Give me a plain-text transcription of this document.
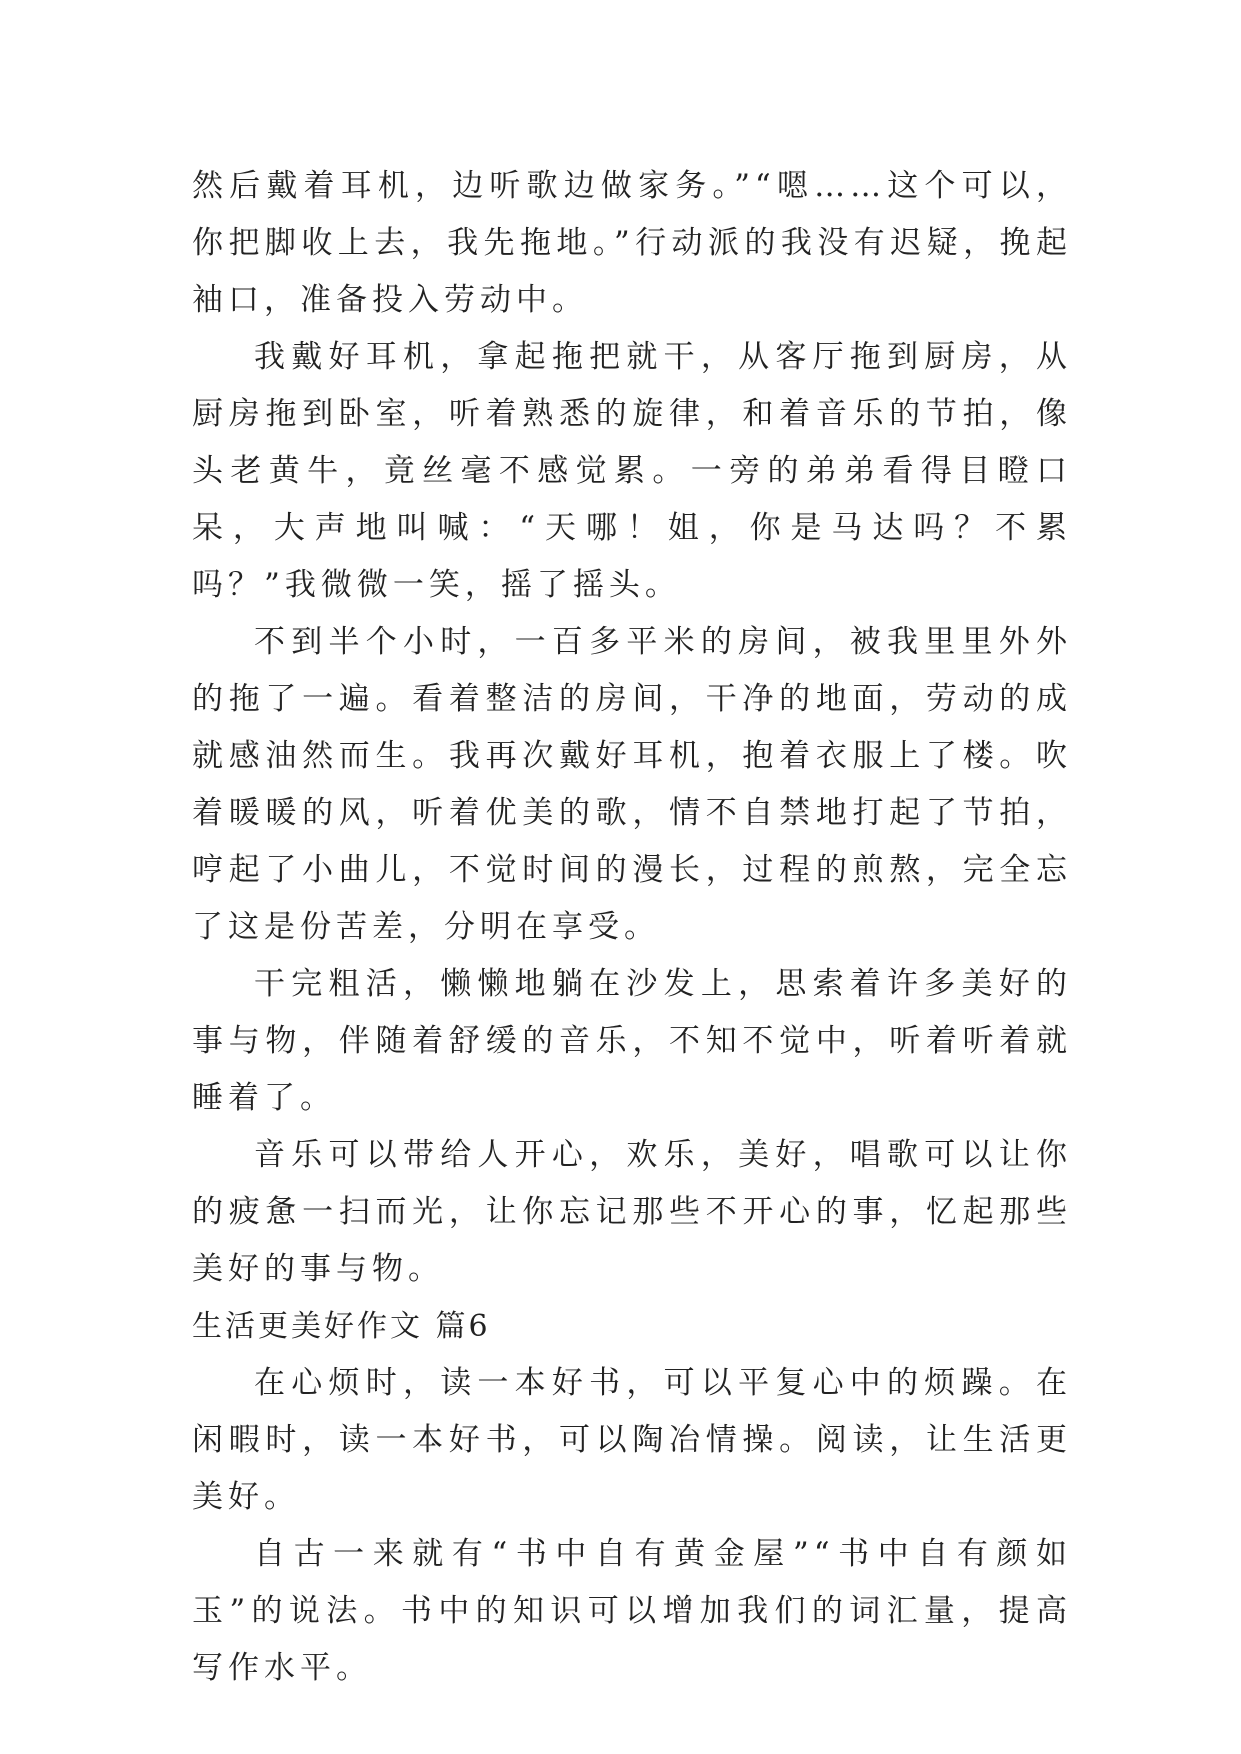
然后戴着耳机，边听歌边做家务。”“嗯……这个可以，你把脚收上去，我先拖地。”行动派的我没有迟疑，挽起袖口，准备投入劳动中。

我戴好耳机，拿起拖把就干，从客厅拖到厨房，从厨房拖到卧室，听着熟悉的旋律，和着音乐的节拍，像头老黄牛，竟丝毫不感觉累。一旁的弟弟看得目瞪口呆，大声地叫喊：“天哪！姐，你是马达吗？不累吗？”我微微一笑，摇了摇头。

不到半个小时，一百多平米的房间，被我里里外外的拖了一遍。看着整洁的房间，干净的地面，劳动的成就感油然而生。我再次戴好耳机，抱着衣服上了楼。吹着暖暖的风，听着优美的歌，情不自禁地打起了节拍，哼起了小曲儿，不觉时间的漫长，过程的煎熬，完全忘了这是份苦差，分明在享受。

干完粗活，懒懒地躺在沙发上，思索着许多美好的事与物，伴随着舒缓的音乐，不知不觉中，听着听着就睡着了。

音乐可以带给人开心，欢乐，美好，唱歌可以让你的疲惫一扫而光，让你忘记那些不开心的事，忆起那些美好的事与物。

生活更美好作文 篇6

在心烦时，读一本好书，可以平复心中的烦躁。在闲暇时，读一本好书，可以陶冶情操。阅读，让生活更美好。

自古一来就有“书中自有黄金屋”“书中自有颜如玉”的说法。书中的知识可以增加我们的词汇量，提高写作水平。
